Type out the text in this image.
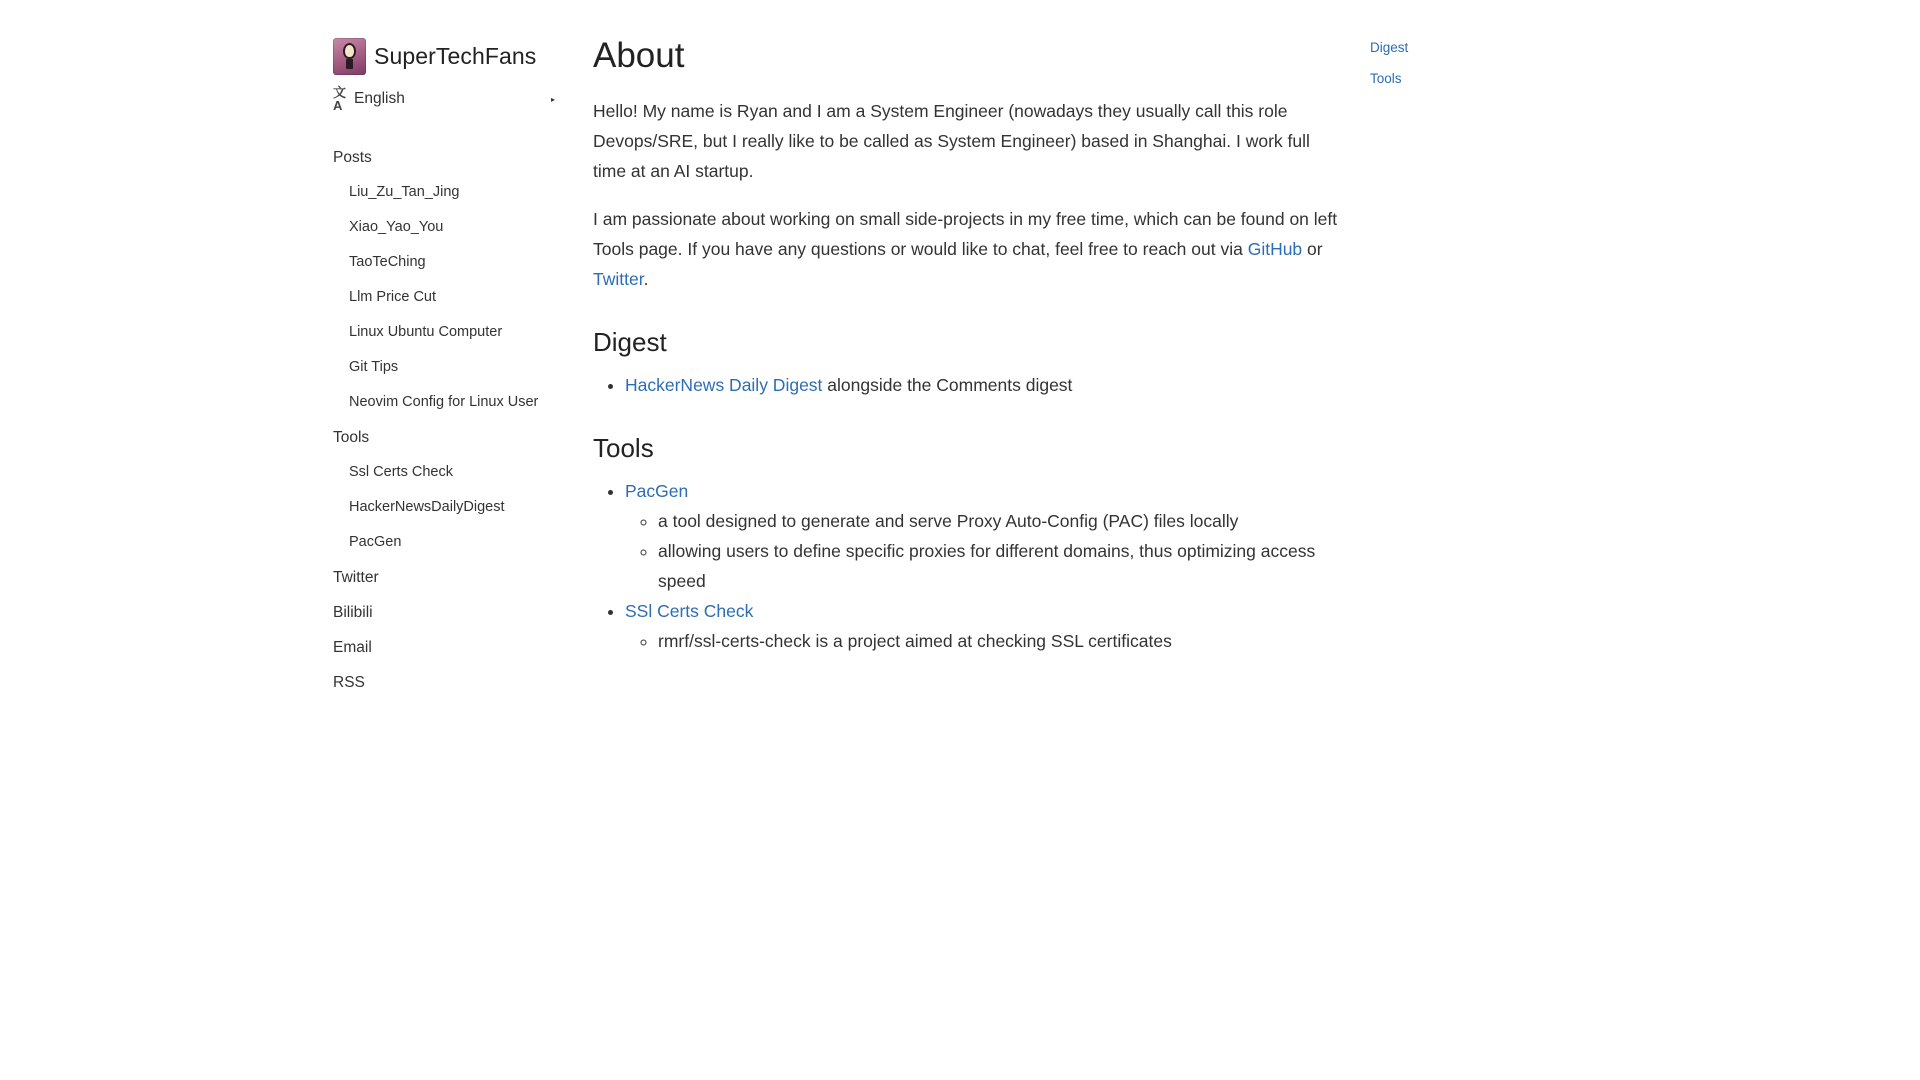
SuperTechFans
文A English	▸
Posts
Liu_Zu_Tan_Jing
Xiao_Yao_You
TaoTeChing
Llm Price Cut
Linux Ubuntu Computer
Git Tips
Neovim Config for Linux User
Tools
Ssl Certs Check
HackerNewsDailyDigest
PacGen
Twitter
Bilibili
Email
RSS
About

Hello! My name is Ryan and I am a System Engineer (nowadays they usually call this role Devops/SRE, but I really like to be called as System Engineer) based in Shanghai. I work full time at an AI startup.

I am passionate about working on small side-projects in my free time, which can be found on left Tools page. If you have any questions or would like to chat, feel free to reach out via GitHub or Twitter.

Digest
• HackerNews Daily Digest alongside the Comments digest
Tools
• PacGen
◦ a tool designed to generate and serve Proxy Auto-Config (PAC) files locally
◦ allowing users to define specific proxies for different domains, thus optimizing access speed
• SSl Certs Check
◦ rmrf/ssl-certs-check is a project aimed at checking SSL certificates
Digest
Tools
